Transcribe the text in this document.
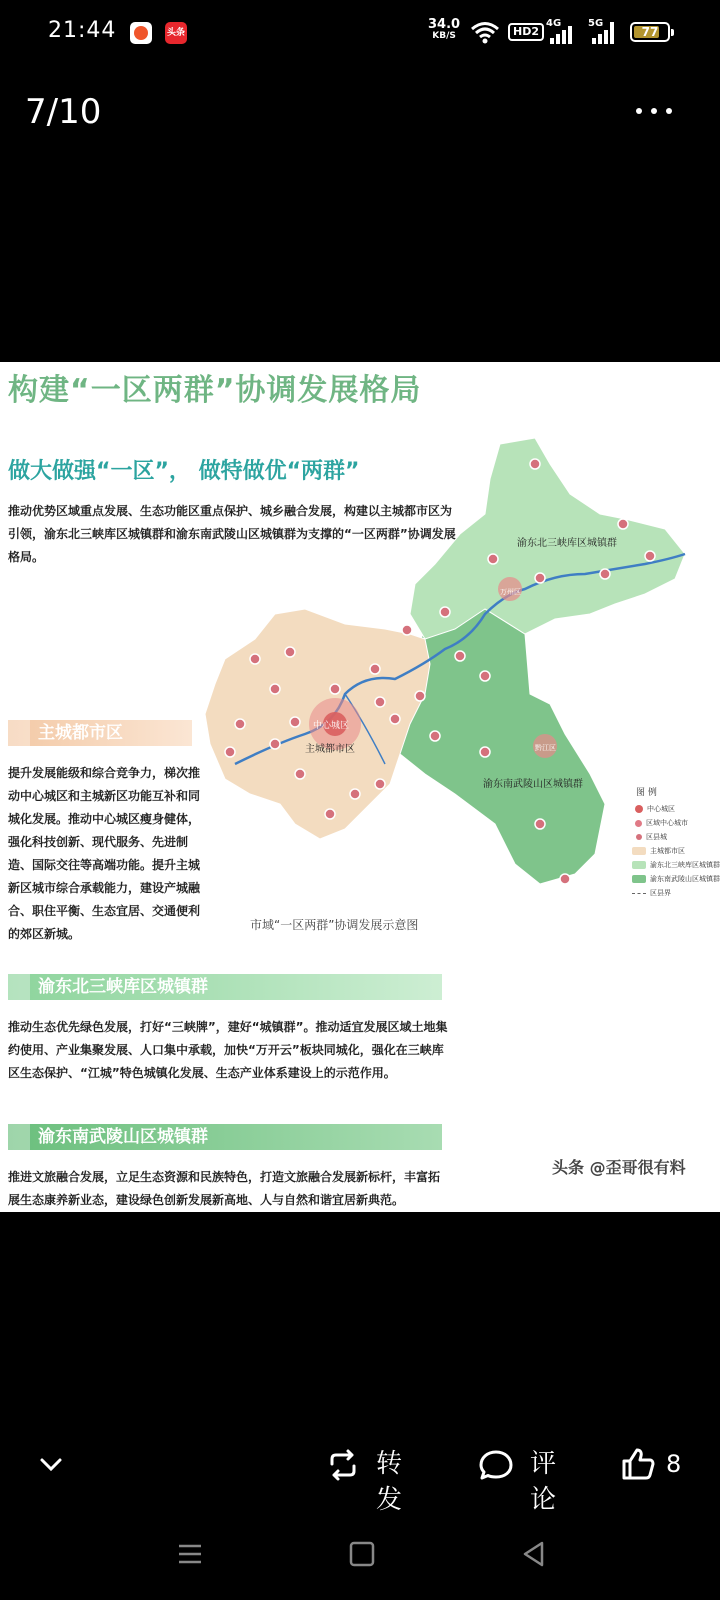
21:44	头条
34.0
KB/S	HD2
4G	5G
77
7/10
构建“一区两群”协调发展格局
做大做强“一区”， 做特做优“两群”
推动优势区域重点发展、生态功能区重点保护、城乡融合发展，构建以主城都市区为引领，渝东北三峡库区城镇群和渝东南武陵山区城镇群为支撑的“一区两群”协调发展格局。
中心城区
主城都市区
渝东北三峡库区城镇群
渝东南武陵山区城镇群
万州区
黔江区
图 例
中心城区
区域中心城市
区县城
主城都市区
渝东北三峡库区城镇群
渝东南武陵山区城镇群
区县界
市域“一区两群”协调发展示意图
主城都市区
提升发展能级和综合竞争力，梯次推动中心城区和主城新区功能互补和同城化发展。推动中心城区瘦身健体，强化科技创新、现代服务、先进制造、国际交往等高端功能。提升主城新区城市综合承载能力，建设产城融合、职住平衡、生态宜居、交通便利的郊区新城。
渝东北三峡库区城镇群
推动生态优先绿色发展，打好“三峡牌”，建好“城镇群”。推动适宜发展区域土地集约使用、产业集聚发展、人口集中承载，加快“万开云”板块同城化，强化在三峡库区生态保护、“江城”特色城镇化发展、生态产业体系建设上的示范作用。
渝东南武陵山区城镇群
推进文旅融合发展，立足生态资源和民族特色，打造文旅融合发展新标杆，丰富拓展生态康养新业态，建设绿色创新发展新高地、人与自然和谐宜居新典范。
头条 @歪哥很有料
转发
评论
8
